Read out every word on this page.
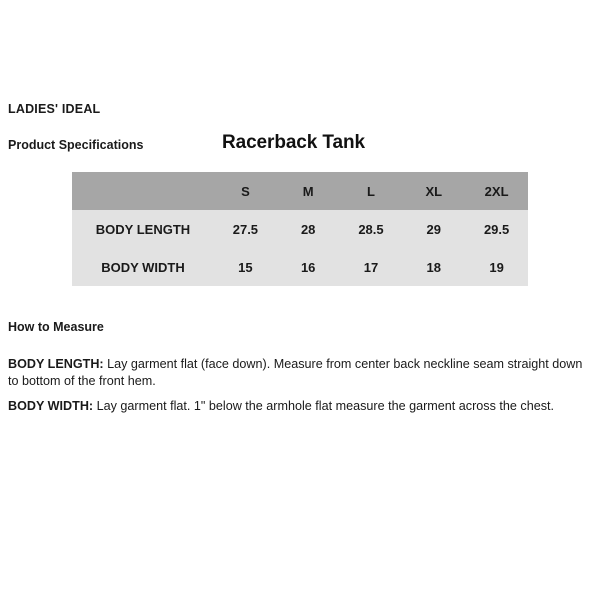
LADIES' IDEAL
Product Specifications	Racerback Tank
	S	M	L	XL	2XL
BODY LENGTH	27.5	28	28.5	29	29.5
BODY WIDTH	15	16	17	18	19
How to Measure

BODY LENGTH: Lay garment flat (face down). Measure from center back neckline seam straight down to bottom of the front hem.

BODY WIDTH: Lay garment flat. 1" below the armhole flat measure the garment across the chest.
